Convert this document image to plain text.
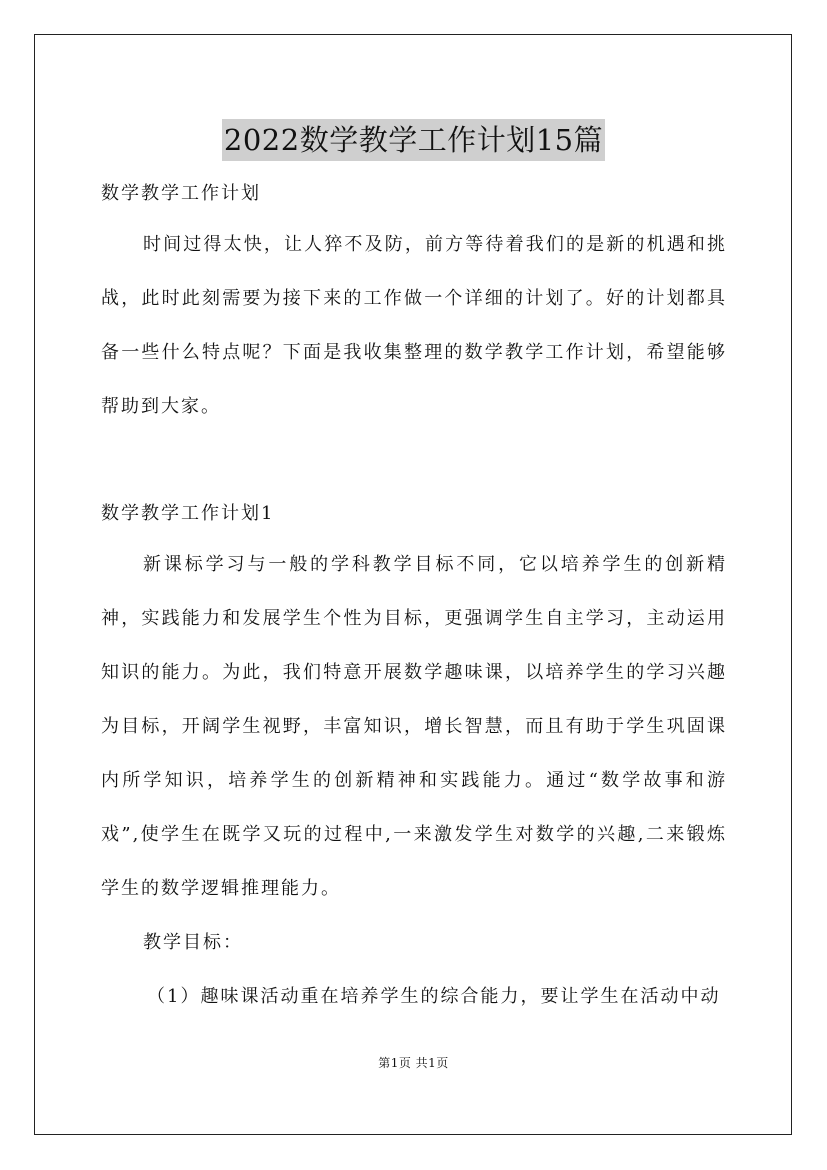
2022数学教学工作计划15篇

数学教学工作计划

时间过得太快，让人猝不及防，前方等待着我们的是新的机遇和挑战，此时此刻需要为接下来的工作做一个详细的计划了。好的计划都具备一些什么特点呢？下面是我收集整理的数学教学工作计划，希望能够帮助到大家。

数学教学工作计划1

新课标学习与一般的学科教学目标不同，它以培养学生的创新精神，实践能力和发展学生个性为目标，更强调学生自主学习，主动运用知识的能力。为此，我们特意开展数学趣味课，以培养学生的学习兴趣为目标，开阔学生视野，丰富知识，增长智慧，而且有助于学生巩固课内所学知识，培养学生的创新精神和实践能力。通过“数学故事和游戏”,使学生在既学又玩的过程中,一来激发学生对数学的兴趣,二来锻炼学生的数学逻辑推理能力。

教学目标：

（1）趣味课活动重在培养学生的综合能力，要让学生在活动中动

第1页 共1页
